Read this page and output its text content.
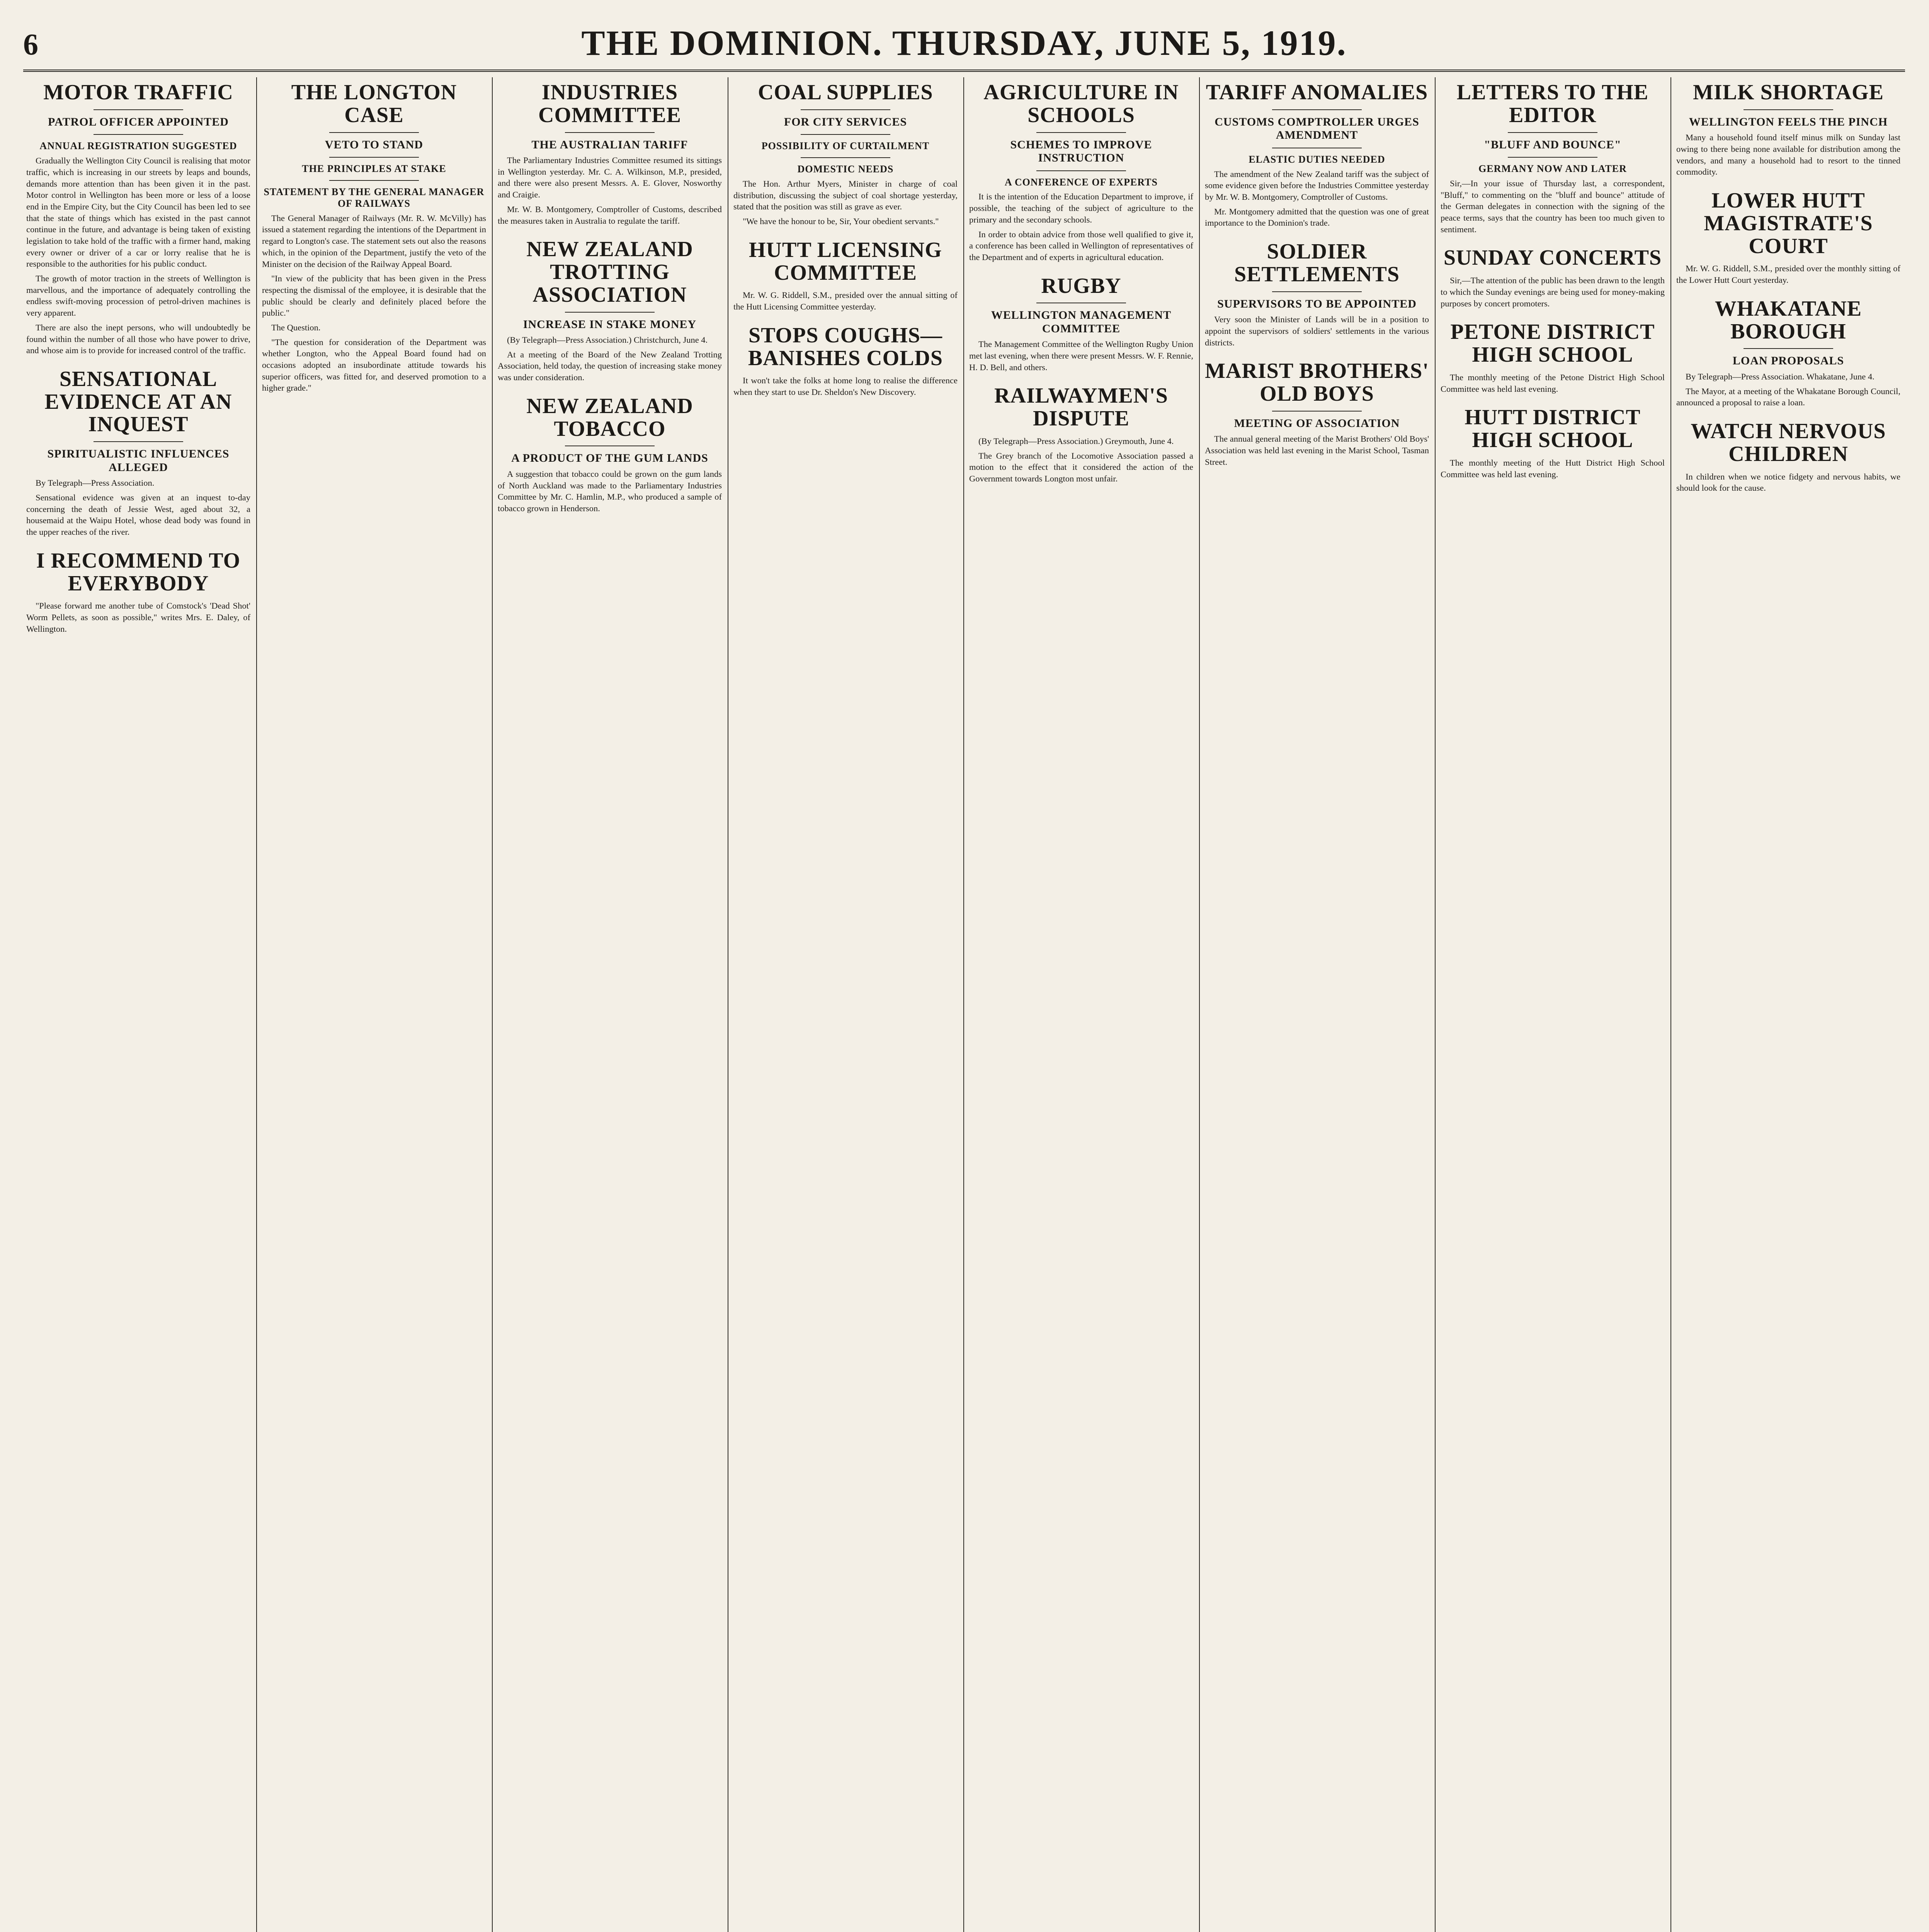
6	THE DOMINION. THURSDAY, JUNE 5, 1919.
MOTOR TRAFFIC
PATROL OFFICER APPOINTED
ANNUAL REGISTRATION SUGGESTED
Gradually the Wellington City Council is realising that motor traffic, which is increasing in our streets by leaps and bounds, demands more attention than has been given it in the past. Motor control in Wellington has been more or less of a loose end in the Empire City, but the City Council has been led to see that the state of things which has existed in the past cannot continue in the future, and advantage is being taken of existing legislation to take hold of the traffic with a firmer hand, making every owner or driver of a car or lorry realise that he is responsible to the authorities for his public conduct.
The growth of motor traction in the streets of Wellington is marvellous, and the importance of adequately controlling the endless swift-moving procession of petrol-driven machines is very apparent.
There are also the inept persons, who will undoubtedly be found within the number of all those who have power to drive, and whose aim is to provide for increased control of the traffic.
SENSATIONAL EVIDENCE AT AN INQUEST
SPIRITUALISTIC INFLUENCES ALLEGED
By Telegraph—Press Association.
Sensational evidence was given at an inquest to-day concerning the death of Jessie West, aged about 32, a housemaid at the Waipu Hotel, whose dead body was found in the upper reaches of the river.
I RECOMMEND TO EVERYBODY
"Please forward me another tube of Comstock's 'Dead Shot' Worm Pellets, as soon as possible," writes Mrs. E. Daley, of Wellington.
THE LONGTON CASE
VETO TO STAND
THE PRINCIPLES AT STAKE
STATEMENT BY THE GENERAL MANAGER OF RAILWAYS
The General Manager of Railways (Mr. R. W. McVilly) has issued a statement regarding the intentions of the Department in regard to Longton's case. The statement sets out also the reasons which, in the opinion of the Department, justify the veto of the Minister on the decision of the Railway Appeal Board.
"In view of the publicity that has been given in the Press respecting the dismissal of the employee, it is desirable that the public should be clearly and definitely placed before the public."
The Question.
"The question for consideration of the Department was whether Longton, who the Appeal Board found had on occasions adopted an insubordinate attitude towards his superior officers, was fitted for, and deserved promotion to a higher grade."
INDUSTRIES COMMITTEE
THE AUSTRALIAN TARIFF
The Parliamentary Industries Committee resumed its sittings in Wellington yesterday. Mr. C. A. Wilkinson, M.P., presided, and there were also present Messrs. A. E. Glover, Nosworthy and Craigie.
Mr. W. B. Montgomery, Comptroller of Customs, described the measures taken in Australia to regulate the tariff.
NEW ZEALAND TROTTING ASSOCIATION
INCREASE IN STAKE MONEY
(By Telegraph—Press Association.) Christchurch, June 4.
At a meeting of the Board of the New Zealand Trotting Association, held today, the question of increasing stake money was under consideration.
NEW ZEALAND TOBACCO
A PRODUCT OF THE GUM LANDS
A suggestion that tobacco could be grown on the gum lands of North Auckland was made to the Parliamentary Industries Committee by Mr. C. Hamlin, M.P., who produced a sample of tobacco grown in Henderson.
COAL SUPPLIES
FOR CITY SERVICES
POSSIBILITY OF CURTAILMENT
DOMESTIC NEEDS
The Hon. Arthur Myers, Minister in charge of coal distribution, discussing the subject of coal shortage yesterday, stated that the position was still as grave as ever.
"We have the honour to be, Sir, Your obedient servants."
HUTT LICENSING COMMITTEE
Mr. W. G. Riddell, S.M., presided over the annual sitting of the Hutt Licensing Committee yesterday.
STOPS COUGHS—BANISHES COLDS
It won't take the folks at home long to realise the difference when they start to use Dr. Sheldon's New Discovery.
AGRICULTURE IN SCHOOLS
SCHEMES TO IMPROVE INSTRUCTION
A CONFERENCE OF EXPERTS
It is the intention of the Education Department to improve, if possible, the teaching of the subject of agriculture to the primary and the secondary schools.
In order to obtain advice from those well qualified to give it, a conference has been called in Wellington of representatives of the Department and of experts in agricultural education.
RUGBY
WELLINGTON MANAGEMENT COMMITTEE
The Management Committee of the Wellington Rugby Union met last evening, when there were present Messrs. W. F. Rennie, H. D. Bell, and others.
RAILWAYMEN'S DISPUTE
(By Telegraph—Press Association.) Greymouth, June 4.
The Grey branch of the Locomotive Association passed a motion to the effect that it considered the action of the Government towards Longton most unfair.
TARIFF ANOMALIES
CUSTOMS COMPTROLLER URGES AMENDMENT
ELASTIC DUTIES NEEDED
The amendment of the New Zealand tariff was the subject of some evidence given before the Industries Committee yesterday by Mr. W. B. Montgomery, Comptroller of Customs.
Mr. Montgomery admitted that the question was one of great importance to the Dominion's trade.
SOLDIER SETTLEMENTS
SUPERVISORS TO BE APPOINTED
Very soon the Minister of Lands will be in a position to appoint the supervisors of soldiers' settlements in the various districts.
MARIST BROTHERS' OLD BOYS
MEETING OF ASSOCIATION
The annual general meeting of the Marist Brothers' Old Boys' Association was held last evening in the Marist School, Tasman Street.
LETTERS TO THE EDITOR
"BLUFF AND BOUNCE"
GERMANY NOW AND LATER
Sir,—In your issue of Thursday last, a correspondent, "Bluff," to commenting on the "bluff and bounce" attitude of the German delegates in connection with the signing of the peace terms, says that the country has been too much given to sentiment.
SUNDAY CONCERTS
Sir,—The attention of the public has been drawn to the length to which the Sunday evenings are being used for money-making purposes by concert promoters.
PETONE DISTRICT HIGH SCHOOL
The monthly meeting of the Petone District High School Committee was held last evening.
HUTT DISTRICT HIGH SCHOOL
The monthly meeting of the Hutt District High School Committee was held last evening.
MILK SHORTAGE
WELLINGTON FEELS THE PINCH
Many a household found itself minus milk on Sunday last owing to there being none available for distribution among the vendors, and many a household had to resort to the tinned commodity.
LOWER HUTT MAGISTRATE'S COURT
Mr. W. G. Riddell, S.M., presided over the monthly sitting of the Lower Hutt Court yesterday.
WHAKATANE BOROUGH
LOAN PROPOSALS
By Telegraph—Press Association. Whakatane, June 4.
The Mayor, at a meeting of the Whakatane Borough Council, announced a proposal to raise a loan.
WATCH NERVOUS CHILDREN
In children when we notice fidgety and nervous habits, we should look for the cause.
